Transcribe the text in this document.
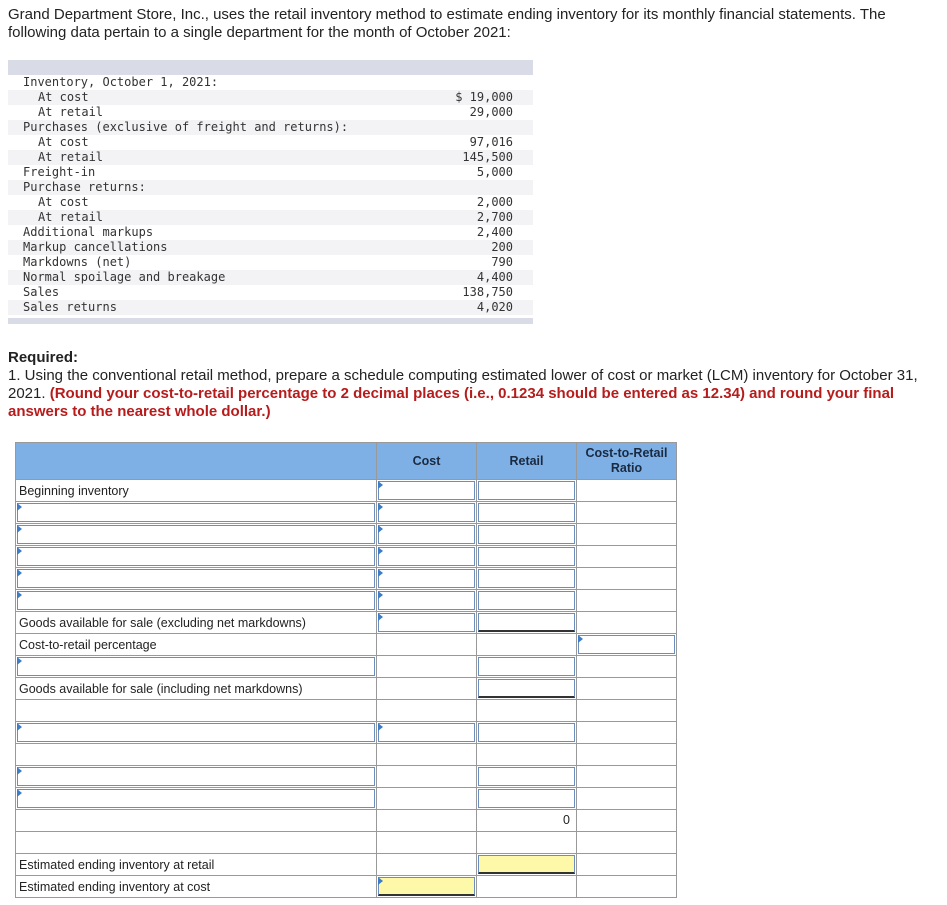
Grand Department Store, Inc., uses the retail inventory method to estimate ending inventory for its monthly financial statements. The following data pertain to a single department for the month of October 2021:

Inventory, October 1, 2021:
At cost	$ 19,000
At retail	29,000
Purchases (exclusive of freight and returns):
At cost	97,016
At retail	145,500
Freight-in	5,000
Purchase returns:
At cost	2,000
At retail	2,700
Additional markups	2,400
Markup cancellations	200
Markdowns (net)	790
Normal spoilage and breakage	4,400
Sales	138,750
Sales returns	4,020

Required:
1. Using the conventional retail method, prepare a schedule computing estimated lower of cost or market (LCM) inventory for October 31, 2021. (Round your cost-to-retail percentage to 2 decimal places (i.e., 0.1234 should be entered as 12.34) and round your final answers to the nearest whole dollar.)

	Cost	Retail	Cost-to-Retail
Ratio
Beginning inventory	

Goods available for sale (excluding net markdowns)	

Cost-to-retail percentage			

Goods available for sale (including net markdowns)		

		0	

Estimated ending inventory at retail		

Estimated ending inventory at cost	
